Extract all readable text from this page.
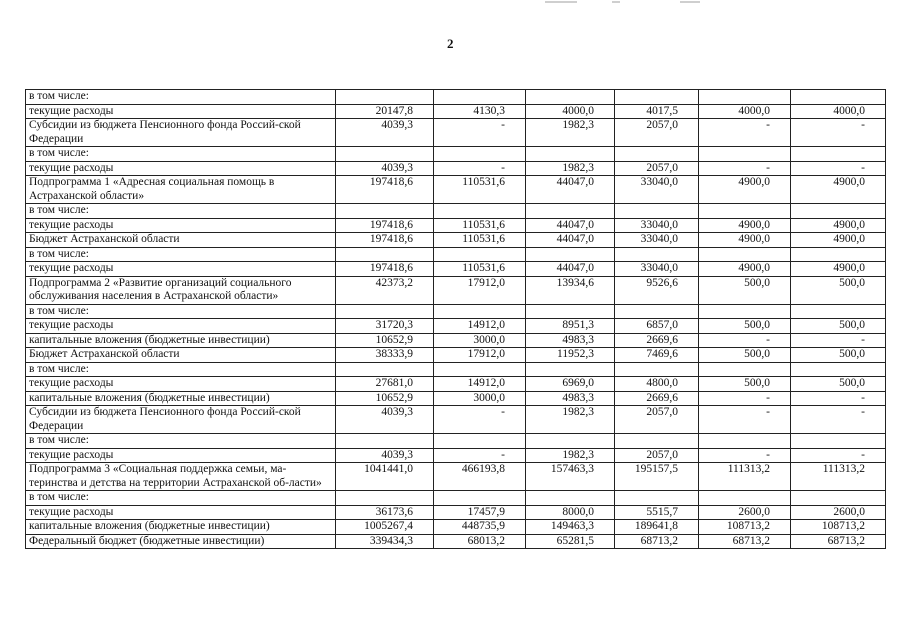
2
в том числе:						
текущие расходы	20147,8	4130,3	4000,0	4017,5	4000,0	4000,0
Субсидии из бюджета Пенсионного фонда Россий-ской Федерации	4039,3	-	1982,3	2057,0	-	-
в том числе:						
текущие расходы	4039,3	-	1982,3	2057,0	-	-
Подпрограмма 1 «Адресная социальная помощь в Астраханской области»	197418,6	110531,6	44047,0	33040,0	4900,0	4900,0
в том числе:						
текущие расходы	197418,6	110531,6	44047,0	33040,0	4900,0	4900,0
Бюджет Астраханской области	197418,6	110531,6	44047,0	33040,0	4900,0	4900,0
в том числе:						
текущие расходы	197418,6	110531,6	44047,0	33040,0	4900,0	4900,0
Подпрограмма 2 «Развитие организаций социального обслуживания населения в Астраханской области»	42373,2	17912,0	13934,6	9526,6	500,0	500,0
в том числе:						
текущие расходы	31720,3	14912,0	8951,3	6857,0	500,0	500,0
капитальные вложения (бюджетные инвестиции)	10652,9	3000,0	4983,3	2669,6	-	-
Бюджет Астраханской области	38333,9	17912,0	11952,3	7469,6	500,0	500,0
в том числе:						
текущие расходы	27681,0	14912,0	6969,0	4800,0	500,0	500,0
капитальные вложения (бюджетные инвестиции)	10652,9	3000,0	4983,3	2669,6	-	-
Субсидии из бюджета Пенсионного фонда Россий-ской Федерации	4039,3	-	1982,3	2057,0	-	-
в том числе:						
текущие расходы	4039,3	-	1982,3	2057,0	-	-
Подпрограмма 3 «Социальная поддержка семьи, ма-теринства и детства на территории Астраханской об-ласти»	1041441,0	466193,8	157463,3	195157,5	111313,2	111313,2
в том числе:						
текущие расходы	36173,6	17457,9	8000,0	5515,7	2600,0	2600,0
капитальные вложения (бюджетные инвестиции)	1005267,4	448735,9	149463,3	189641,8	108713,2	108713,2
Федеральный бюджет (бюджетные инвестиции)	339434,3	68013,2	65281,5	68713,2	68713,2	68713,2
